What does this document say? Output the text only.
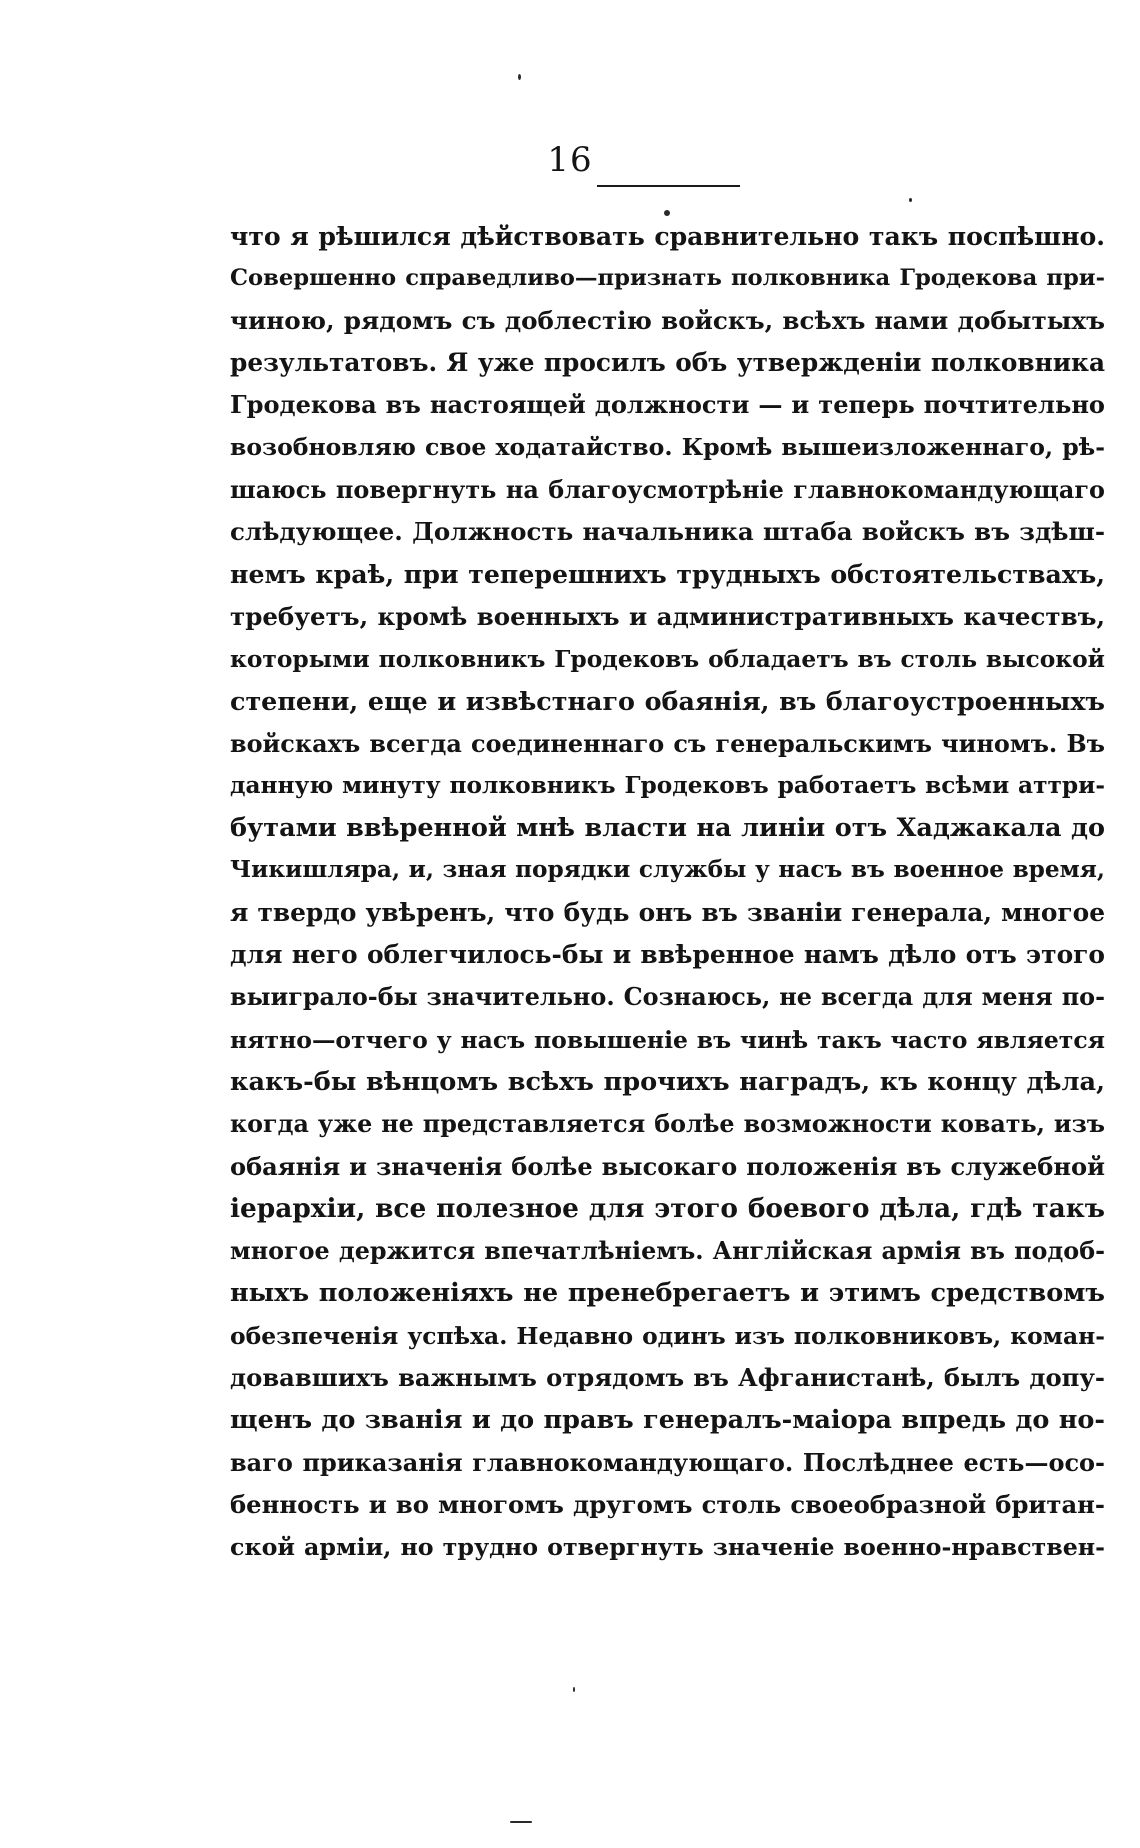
16
что я рѣшился дѣйствовать сравнительно такъ поспѣшно.
Совершенно справедливо—признать полковника Гродекова при-
чиною, рядомъ съ доблестію войскъ, всѣхъ нами добытыхъ
результатовъ. Я уже просилъ объ утвержденіи полковника
Гродекова въ настоящей должности — и теперь почтительно
возобновляю свое ходатайство. Кромѣ вышеизложеннаго, рѣ-
шаюсь повергнуть на благоусмотрѣніе главнокомандующаго
слѣдующее. Должность начальника штаба войскъ въ здѣш-
немъ краѣ, при теперешнихъ трудныхъ обстоятельствахъ,
требуетъ, кромѣ военныхъ и административныхъ качествъ,
которыми полковникъ Гродековъ обладаетъ въ столь высокой
степени, еще и извѣстнаго обаянія, въ благоустроенныхъ
войскахъ всегда соединеннаго съ генеральскимъ чиномъ. Въ
данную минуту полковникъ Гродековъ работаетъ всѣми аттри-
бутами ввѣренной мнѣ власти на линіи отъ Хаджакала до
Чикишляра, и, зная порядки службы у насъ въ военное время,
я твердо увѣренъ, что будь онъ въ званіи генерала, многое
для него облегчилось-бы и ввѣренное намъ дѣло отъ этого
выиграло-бы значительно. Сознаюсь, не всегда для меня по-
нятно—отчего у насъ повышеніе въ чинѣ такъ часто является
какъ-бы вѣнцомъ всѣхъ прочихъ наградъ, къ концу дѣла,
когда уже не представляется болѣе возможности ковать, изъ
обаянія и значенія болѣе высокаго положенія въ служебной
іерархіи, все полезное для этого боевого дѣла, гдѣ такъ
многое держится впечатлѣніемъ. Англійская армія въ подоб-
ныхъ положеніяхъ не пренебрегаетъ и этимъ средствомъ
обезпеченія успѣха. Недавно одинъ изъ полковниковъ, коман-
довавшихъ важнымъ отрядомъ въ Афганистанѣ, былъ допу-
щенъ до званія и до правъ генералъ-маіора впредь до но-
ваго приказанія главнокомандующаго. Послѣднее есть—осо-
бенность и во многомъ другомъ столь своеобразной британ-
ской арміи, но трудно отвергнуть значеніе военно-нравствен-
